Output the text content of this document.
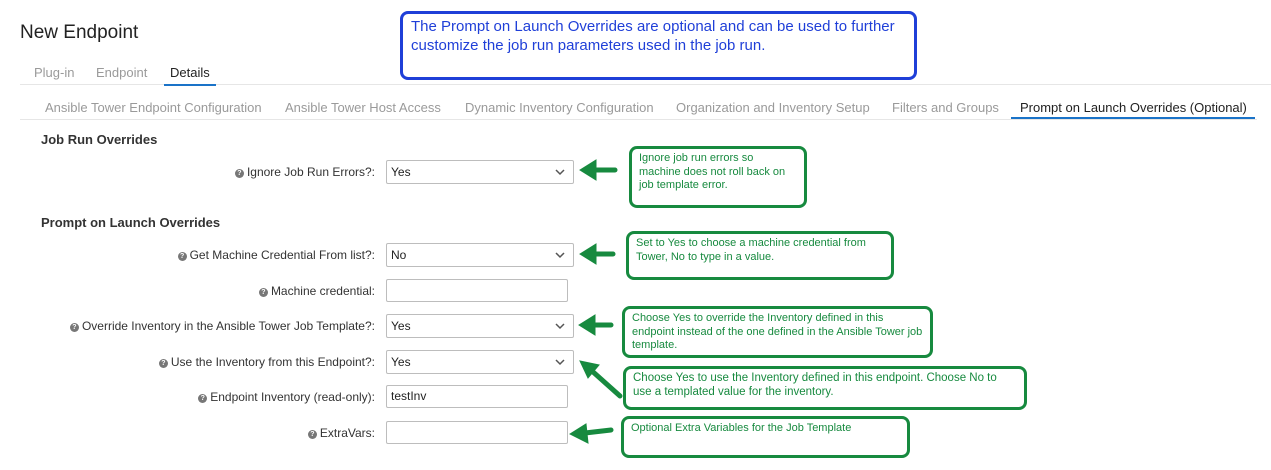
New Endpoint
Plug-in Endpoint	Details
Ansible Tower Endpoint Configuration Ansible Tower Host Access Dynamic Inventory Configuration Organization and Inventory Setup Filters and Groups Prompt on Launch Overrides (Optional)
Job Run Overrides
? Ignore Job Run Errors?:	Yes
Prompt on Launch Overrides
? Get Machine Credential From list?:	No
? Machine credential:
? Override Inventory in the Ansible Tower Job Template?:	Yes
? Use the Inventory from this Endpoint?:	Yes
? Endpoint Inventory (read-only):	testInv
? ExtraVars:
The Prompt on Launch Overrides are optional and can be used to further customize the job run parameters used in the job run.
Ignore job run errors so machine does not roll back on job template error.
Set to Yes to choose a machine credential from Tower, No to type in a value.
Choose Yes to override the Inventory defined in this endpoint instead of the one defined in the Ansible Tower job template.
Choose Yes to use the Inventory defined in this endpoint. Choose No to use a templated value for the inventory.
Optional Extra Variables for the Job Template
